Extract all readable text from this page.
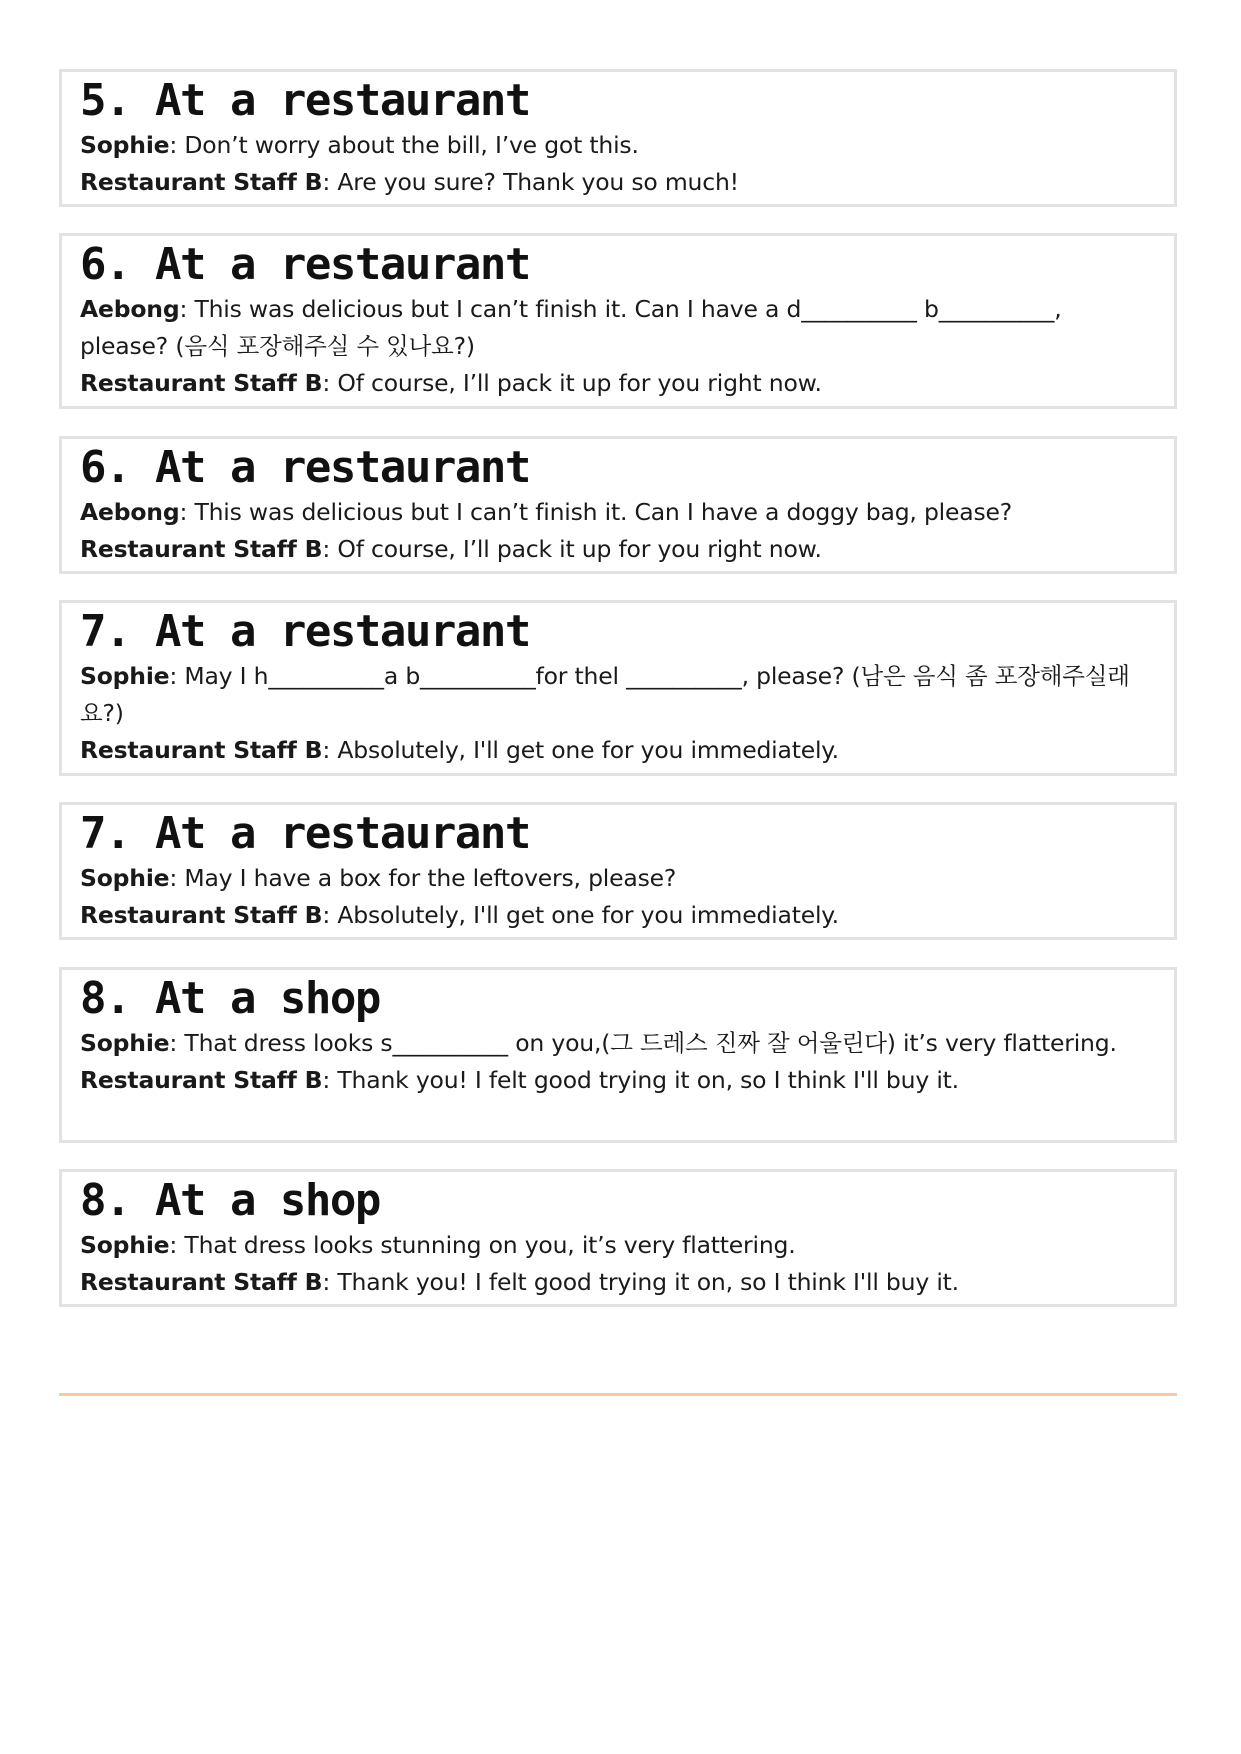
5. At a restaurant

Sophie: Don’t worry about the bill, I’ve got this.

Restaurant Staff B: Are you sure? Thank you so much!

6. At a restaurant

Aebong: This was delicious but I can’t finish it. Can I have a d__________ b__________, please? (음식 포장해주실 수 있나요?)

Restaurant Staff B: Of course, I’ll pack it up for you right now.

6. At a restaurant

Aebong: This was delicious but I can’t finish it. Can I have a doggy bag, please?

Restaurant Staff B: Of course, I’ll pack it up for you right now.

7. At a restaurant

Sophie: May I h__________a b__________for thel __________, please? (남은 음식 좀 포장해주실래요?)

Restaurant Staff B: Absolutely, I'll get one for you immediately.

7. At a restaurant

Sophie: May I have a box for the leftovers, please?

Restaurant Staff B: Absolutely, I'll get one for you immediately.

8. At a shop

Sophie: That dress looks s__________ on you,(그 드레스 진짜 잘 어울린다) it’s very flattering.

Restaurant Staff B: Thank you! I felt good trying it on, so I think I'll buy it.

8. At a shop

Sophie: That dress looks stunning on you, it’s very flattering.

Restaurant Staff B: Thank you! I felt good trying it on, so I think I'll buy it.
